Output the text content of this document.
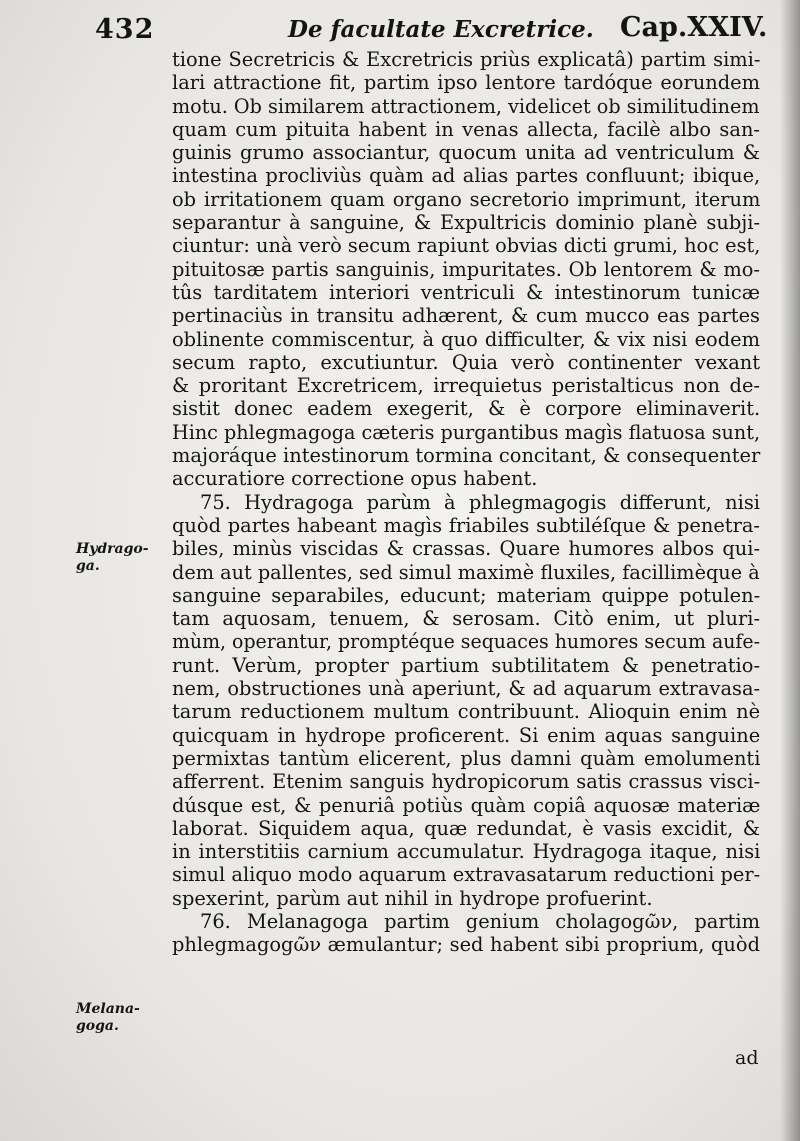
432	De facultate Excretrice. Cap.XXIV.
Hydrago-
ga.
Melana-
goga.
tione Secretricis & Excretricis priùs explicatâ) partim simi-
lari attractione fit, partim ipso lentore tardóque eorundem
motu. Ob similarem attractionem, videlicet ob similitudinem
quam cum pituita habent in venas allecta, facilè albo san-
guinis grumo associantur, quocum unita ad ventriculum &
intestina procliviùs quàm ad alias partes confluunt; ibique,
ob irritationem quam organo secretorio imprimunt, iterum
separantur à sanguine, & Expultricis dominio planè subji-
ciuntur: unà verò secum rapiunt obvias dicti grumi, hoc est,
pituitosæ partis sanguinis, impuritates. Ob lentorem & mo-
tûs tarditatem interiori ventriculi & intestinorum tunicæ
pertinaciùs in transitu adhærent, & cum mucco eas partes
oblinente commiscentur, à quo difficulter, & vix nisi eodem
secum rapto, excutiuntur. Quia verò continenter vexant
& proritant Excretricem, irrequietus peristalticus non de-
sistit donec eadem exegerit, & è corpore eliminaverit.
Hinc phlegmagoga cæteris purgantibus magìs flatuosa sunt,
majoráque intestinorum tormina concitant, & consequenter
accuratiore correctione opus habent.
75. Hydragoga parùm à phlegmagogis differunt, nisi
quòd partes habeant magìs friabiles subtiléſque & penetra-
biles, minùs viscidas & crassas. Quare humores albos qui-
dem aut pallentes, sed simul maximè fluxiles, facillimèque à
sanguine separabiles, educunt; materiam quippe potulen-
tam aquosam, tenuem, & serosam. Citò enim, ut pluri-
mùm, operantur, promptéque sequaces humores secum aufe-
runt. Verùm, propter partium subtilitatem & penetratio-
nem, obstructiones unà aperiunt, & ad aquarum extravasa-
tarum reductionem multum contribuunt. Alioquin enim nè
quicquam in hydrope proficerent. Si enim aquas sanguine
permixtas tantùm elicerent, plus damni quàm emolumenti
afferrent. Etenim sanguis hydropicorum satis crassus visci-
dúsque est, & penuriâ potiùs quàm copiâ aquosæ materiæ
laborat. Siquidem aqua, quæ redundat, è vasis excidit, &
in interstitiis carnium accumulatur. Hydragoga itaque, nisi
simul aliquo modo aquarum extravasatarum reductioni per-
spexerint, parùm aut nihil in hydrope profuerint.
76. Melanagoga partim genium cholagogῶν, partim
phlegmagogῶν æmulantur; sed habent sibi proprium, quòd
ad
